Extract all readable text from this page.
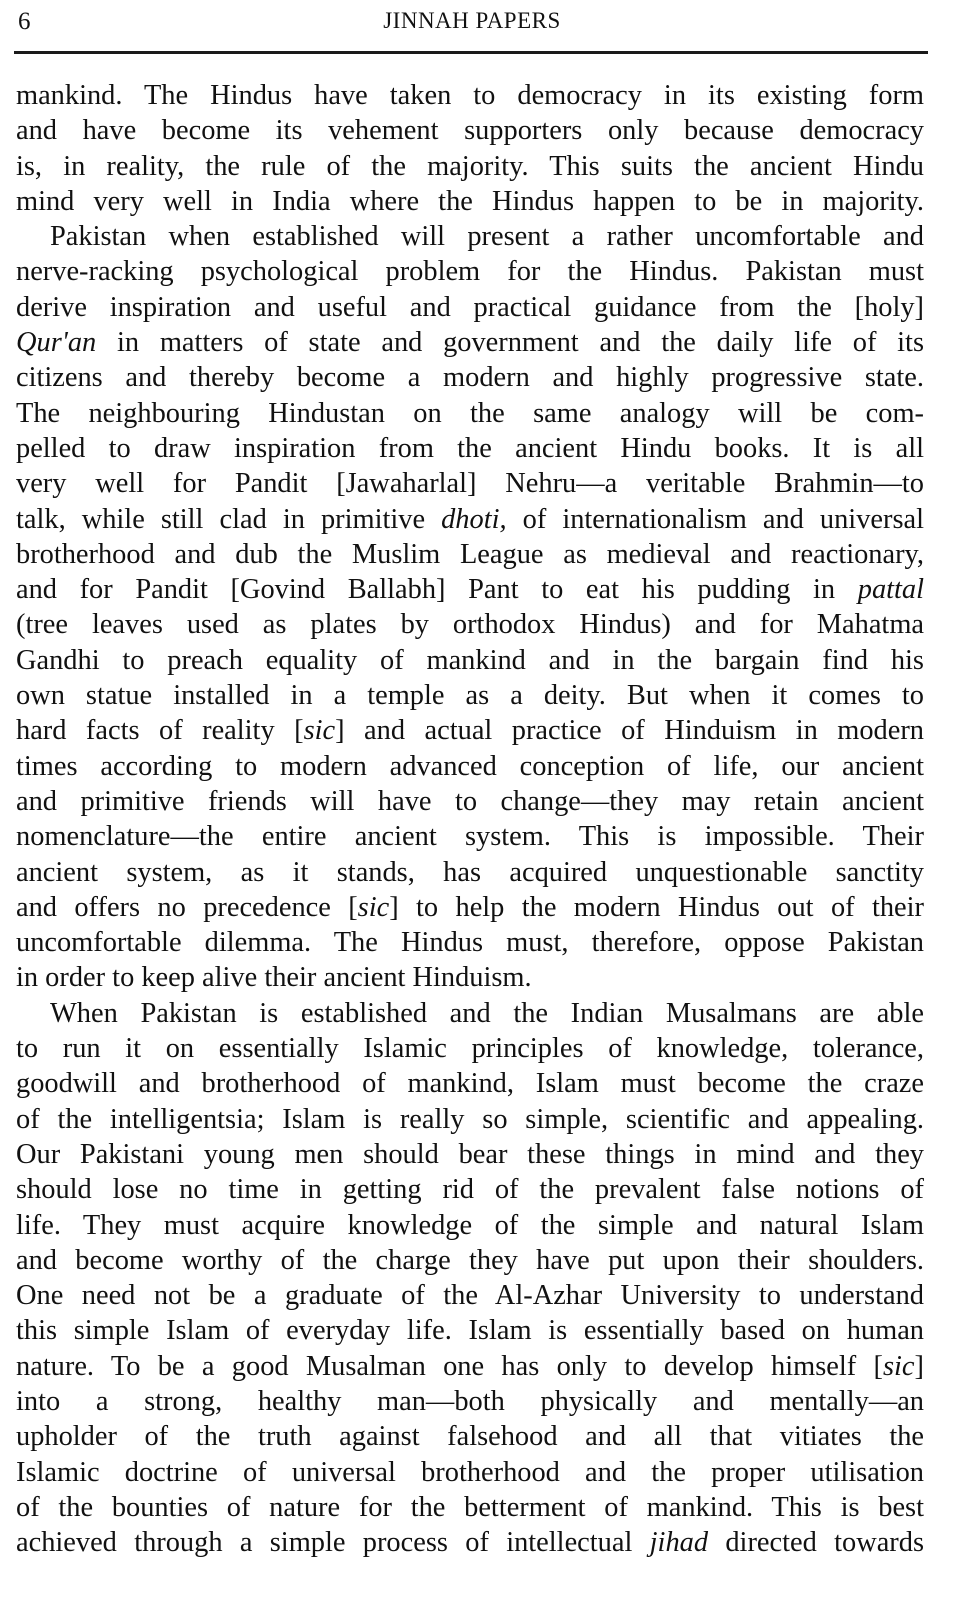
6	JINNAH PAPERS
mankind. The Hindus have taken to democracy in its existing form
and have become its vehement supporters only because democracy
is, in reality, the rule of the majority. This suits the ancient Hindu
mind very well in India where the Hindus happen to be in majority.
Pakistan when established will present a rather uncomfortable and
nerve-racking psychological problem for the Hindus. Pakistan must
derive inspiration and useful and practical guidance from the [holy]
Qur'an in matters of state and government and the daily life of its
citizens and thereby become a modern and highly progressive state.
The neighbouring Hindustan on the same analogy will be com-
pelled to draw inspiration from the ancient Hindu books. It is all
very well for Pandit [Jawaharlal] Nehru—a veritable Brahmin—to
talk, while still clad in primitive dhoti, of internationalism and universal
brotherhood and dub the Muslim League as medieval and reactionary,
and for Pandit [Govind Ballabh] Pant to eat his pudding in pattal
(tree leaves used as plates by orthodox Hindus) and for Mahatma
Gandhi to preach equality of mankind and in the bargain find his
own statue installed in a temple as a deity. But when it comes to
hard facts of reality [sic] and actual practice of Hinduism in modern
times according to modern advanced conception of life, our ancient
and primitive friends will have to change—they may retain ancient
nomenclature—the entire ancient system. This is impossible. Their
ancient system, as it stands, has acquired unquestionable sanctity
and offers no precedence [sic] to help the modern Hindus out of their
uncomfortable dilemma. The Hindus must, therefore, oppose Pakistan
in order to keep alive their ancient Hinduism.
When Pakistan is established and the Indian Musalmans are able
to run it on essentially Islamic principles of knowledge, tolerance,
goodwill and brotherhood of mankind, Islam must become the craze
of the intelligentsia; Islam is really so simple, scientific and appealing.
Our Pakistani young men should bear these things in mind and they
should lose no time in getting rid of the prevalent false notions of
life. They must acquire knowledge of the simple and natural Islam
and become worthy of the charge they have put upon their shoulders.
One need not be a graduate of the Al-Azhar University to understand
this simple Islam of everyday life. Islam is essentially based on human
nature. To be a good Musalman one has only to develop himself [sic]
into a strong, healthy man—both physically and mentally—an
upholder of the truth against falsehood and all that vitiates the
Islamic doctrine of universal brotherhood and the proper utilisation
of the bounties of nature for the betterment of mankind. This is best
achieved through a simple process of intellectual jihad directed towards
